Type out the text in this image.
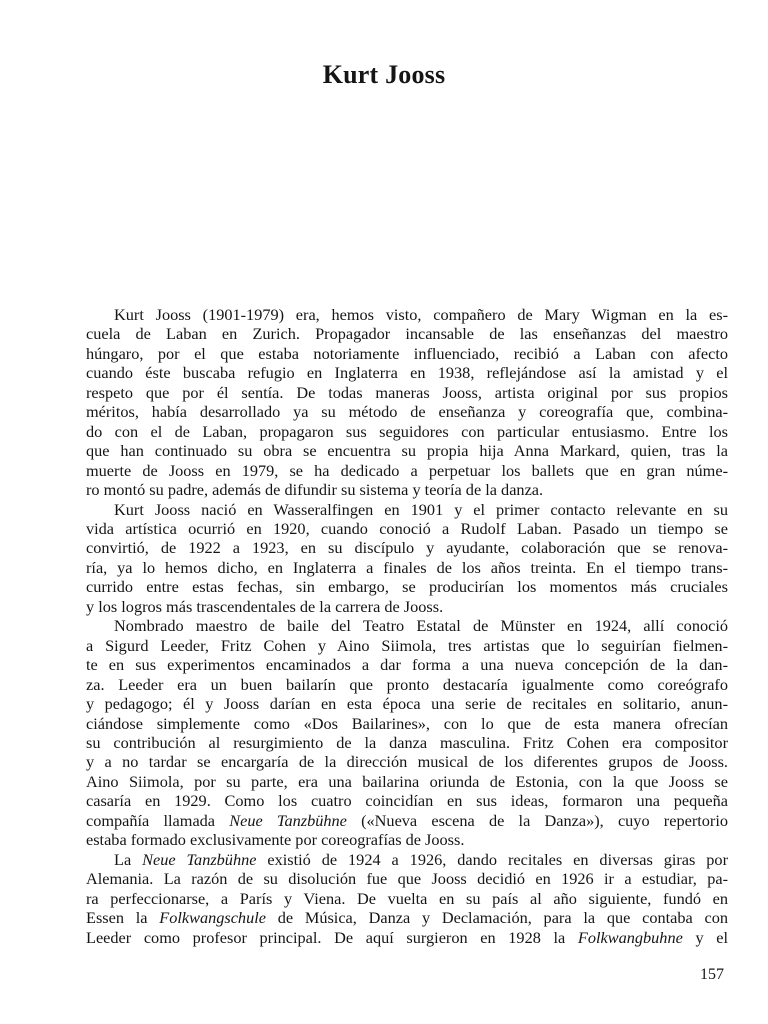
Kurt Jooss
Kurt Jooss (1901-1979) era, hemos visto, compañero de Mary Wigman en la es-
cuela de Laban en Zurich. Propagador incansable de las enseñanzas del maestro
húngaro, por el que estaba notoriamente influenciado, recibió a Laban con afecto
cuando éste buscaba refugio en Inglaterra en 1938, reflejándose así la amistad y el
respeto que por él sentía. De todas maneras Jooss, artista original por sus propios
méritos, había desarrollado ya su método de enseñanza y coreografía que, combina-
do con el de Laban, propagaron sus seguidores con particular entusiasmo. Entre los
que han continuado su obra se encuentra su propia hija Anna Markard, quien, tras la
muerte de Jooss en 1979, se ha dedicado a perpetuar los ballets que en gran núme-
ro montó su padre, además de difundir su sistema y teoría de la danza.
Kurt Jooss nació en Wasseralfingen en 1901 y el primer contacto relevante en su
vida artística ocurrió en 1920, cuando conoció a Rudolf Laban. Pasado un tiempo se
convirtió, de 1922 a 1923, en su discípulo y ayudante, colaboración que se renova-
ría, ya lo hemos dicho, en Inglaterra a finales de los años treinta. En el tiempo trans-
currido entre estas fechas, sin embargo, se producirían los momentos más cruciales
y los logros más trascendentales de la carrera de Jooss.
Nombrado maestro de baile del Teatro Estatal de Münster en 1924, allí conoció
a Sigurd Leeder, Fritz Cohen y Aino Siimola, tres artistas que lo seguirían fielmen-
te en sus experimentos encaminados a dar forma a una nueva concepción de la dan-
za. Leeder era un buen bailarín que pronto destacaría igualmente como coreógrafo
y pedagogo; él y Jooss darían en esta época una serie de recitales en solitario, anun-
ciándose simplemente como «Dos Bailarines», con lo que de esta manera ofrecían
su contribución al resurgimiento de la danza masculina. Fritz Cohen era compositor
y a no tardar se encargaría de la dirección musical de los diferentes grupos de Jooss.
Aino Siimola, por su parte, era una bailarina oriunda de Estonia, con la que Jooss se
casaría en 1929. Como los cuatro coincidían en sus ideas, formaron una pequeña
compañía llamada Neue Tanzbühne («Nueva escena de la Danza»), cuyo repertorio
estaba formado exclusivamente por coreografías de Jooss.
La Neue Tanzbühne existió de 1924 a 1926, dando recitales en diversas giras por
Alemania. La razón de su disolución fue que Jooss decidió en 1926 ir a estudiar, pa-
ra perfeccionarse, a París y Viena. De vuelta en su país al año siguiente, fundó en
Essen la Folkwangschule de Música, Danza y Declamación, para la que contaba con
Leeder como profesor principal. De aquí surgieron en 1928 la Folkwangbuhne y el
157
